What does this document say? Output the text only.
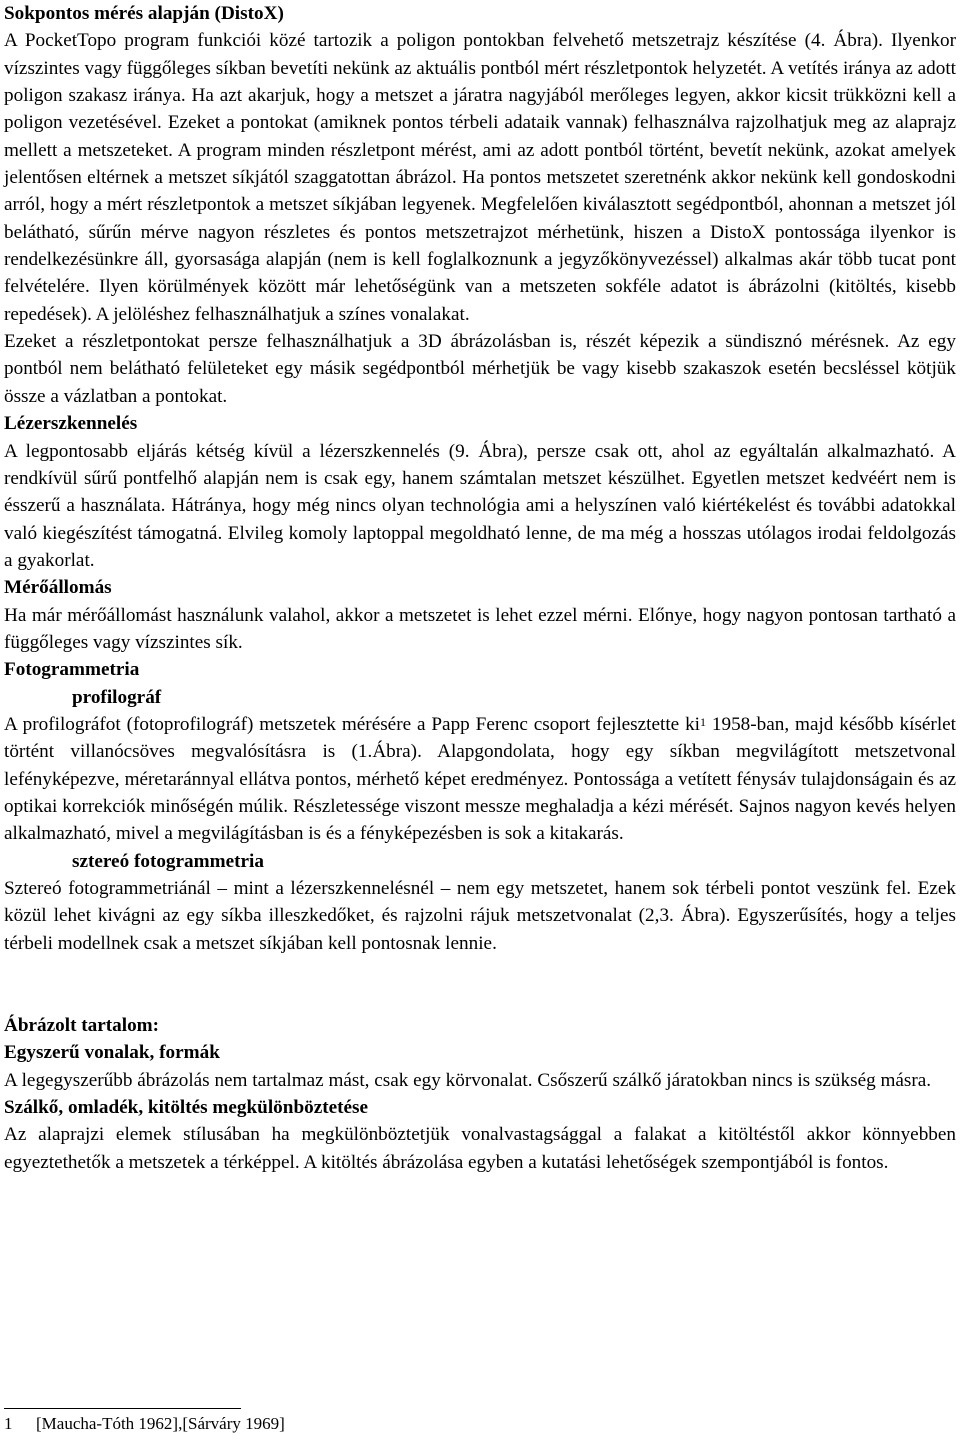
Sokpontos mérés alapján (DistoX)

A PocketTopo program funkciói közé tartozik a poligon pontokban felvehető metszetrajz készítése (4. Ábra). Ilyenkor vízszintes vagy függőleges síkban bevetíti nekünk az aktuális pontból mért részletpontok helyzetét. A vetítés iránya az adott poligon szakasz iránya. Ha azt akarjuk, hogy a metszet a járatra nagyjából merőleges legyen, akkor kicsit trükközni kell a poligon vezetésével. Ezeket a pontokat (amiknek pontos térbeli adataik vannak) felhasználva rajzolhatjuk meg az alaprajz mellett a metszeteket. A program minden részletpont mérést, ami az adott pontból történt, bevetít nekünk, azokat amelyek jelentősen eltérnek a metszet síkjától szaggatottan ábrázol. Ha pontos metszetet szeretnénk akkor nekünk kell gondoskodni arról, hogy a mért részletpontok a metszet síkjában legyenek. Megfelelően kiválasztott segédpontból, ahonnan a metszet jól belátható, sűrűn mérve nagyon részletes és pontos metszetrajzot mérhetünk, hiszen a DistoX pontossága ilyenkor is rendelkezésünkre áll, gyorsasága alapján (nem is kell foglalkoznunk a jegyzőkönyvezéssel) alkalmas akár több tucat pont felvételére. Ilyen körülmények között már lehetőségünk van a metszeten sokféle adatot is ábrázolni (kitöltés, kisebb repedések). A jelöléshez felhasználhatjuk a színes vonalakat.

Ezeket a részletpontokat persze felhasználhatjuk a 3D ábrázolásban is, részét képezik a sündisznó mérésnek. Az egy pontból nem belátható felületeket egy másik segédpontból mérhetjük be vagy kisebb szakaszok esetén becsléssel kötjük össze a vázlatban a pontokat.

Lézerszkennelés

A legpontosabb eljárás kétség kívül a lézerszkennelés (9. Ábra), persze csak ott, ahol az egyáltalán alkalmazható. A rendkívül sűrű pontfelhő alapján nem is csak egy, hanem számtalan metszet készülhet. Egyetlen metszet kedvéért nem is ésszerű a használata. Hátránya, hogy még nincs olyan technológia ami a helyszínen való kiértékelést és további adatokkal való kiegészítést támogatná. Elvileg komoly laptoppal megoldható lenne, de ma még a hosszas utólagos irodai feldolgozás a gyakorlat.

Mérőállomás

Ha már mérőállomást használunk valahol, akkor a metszetet is lehet ezzel mérni. Előnye, hogy nagyon pontosan tartható a függőleges vagy vízszintes sík.

Fotogrammetria
profilográf

A profilográfot (fotoprofilográf) metszetek mérésére a Papp Ferenc csoport fejlesztette $ki^1$ 1958-ban, majd később kísérlet történt villanócsöves megvalósításra is (1.Ábra). Alapgondolata, hogy egy síkban megvilágított metszetvonal lefényképezve, méretaránnyal ellátva pontos, mérhető képet eredményez. Pontossága a vetített fénysáv tulajdonságain és az optikai korrekciók minőségén múlik. Részletessége viszont messze meghaladja a kézi mérését. Sajnos nagyon kevés helyen alkalmazható, mivel a megvilágításban is és a fényképezésben is sok a kitakarás.

sztereó fotogrammetria

Sztereó fotogrammetriánál – mint a lézerszkennelésnél – nem egy metszetet, hanem sok térbeli pontot veszünk fel. Ezek közül lehet kivágni az egy síkba illeszkedőket, és rajzolni rájuk metszetvonalat (2,3. Ábra). Egyszerűsítés, hogy a teljes térbeli modellnek csak a metszet síkjában kell pontosnak lennie.

Ábrázolt tartalom:
Egyszerű vonalak, formák

A legegyszerűbb ábrázolás nem tartalmaz mást, csak egy körvonalat. Csőszerű szálkő járatokban nincs is szükség másra.

Szálkő, omladék, kitöltés megkülönböztetése

Az alaprajzi elemek stílusában ha megkülönböztetjük vonalvastagsággal a falakat a kitöltéstől akkor könnyebben egyeztethetők a metszetek a térképpel. A kitöltés ábrázolása egyben a kutatási lehetőségek szempontjából is fontos.

1 [Maucha-Tóth 1962],[Sárváry 1969]
